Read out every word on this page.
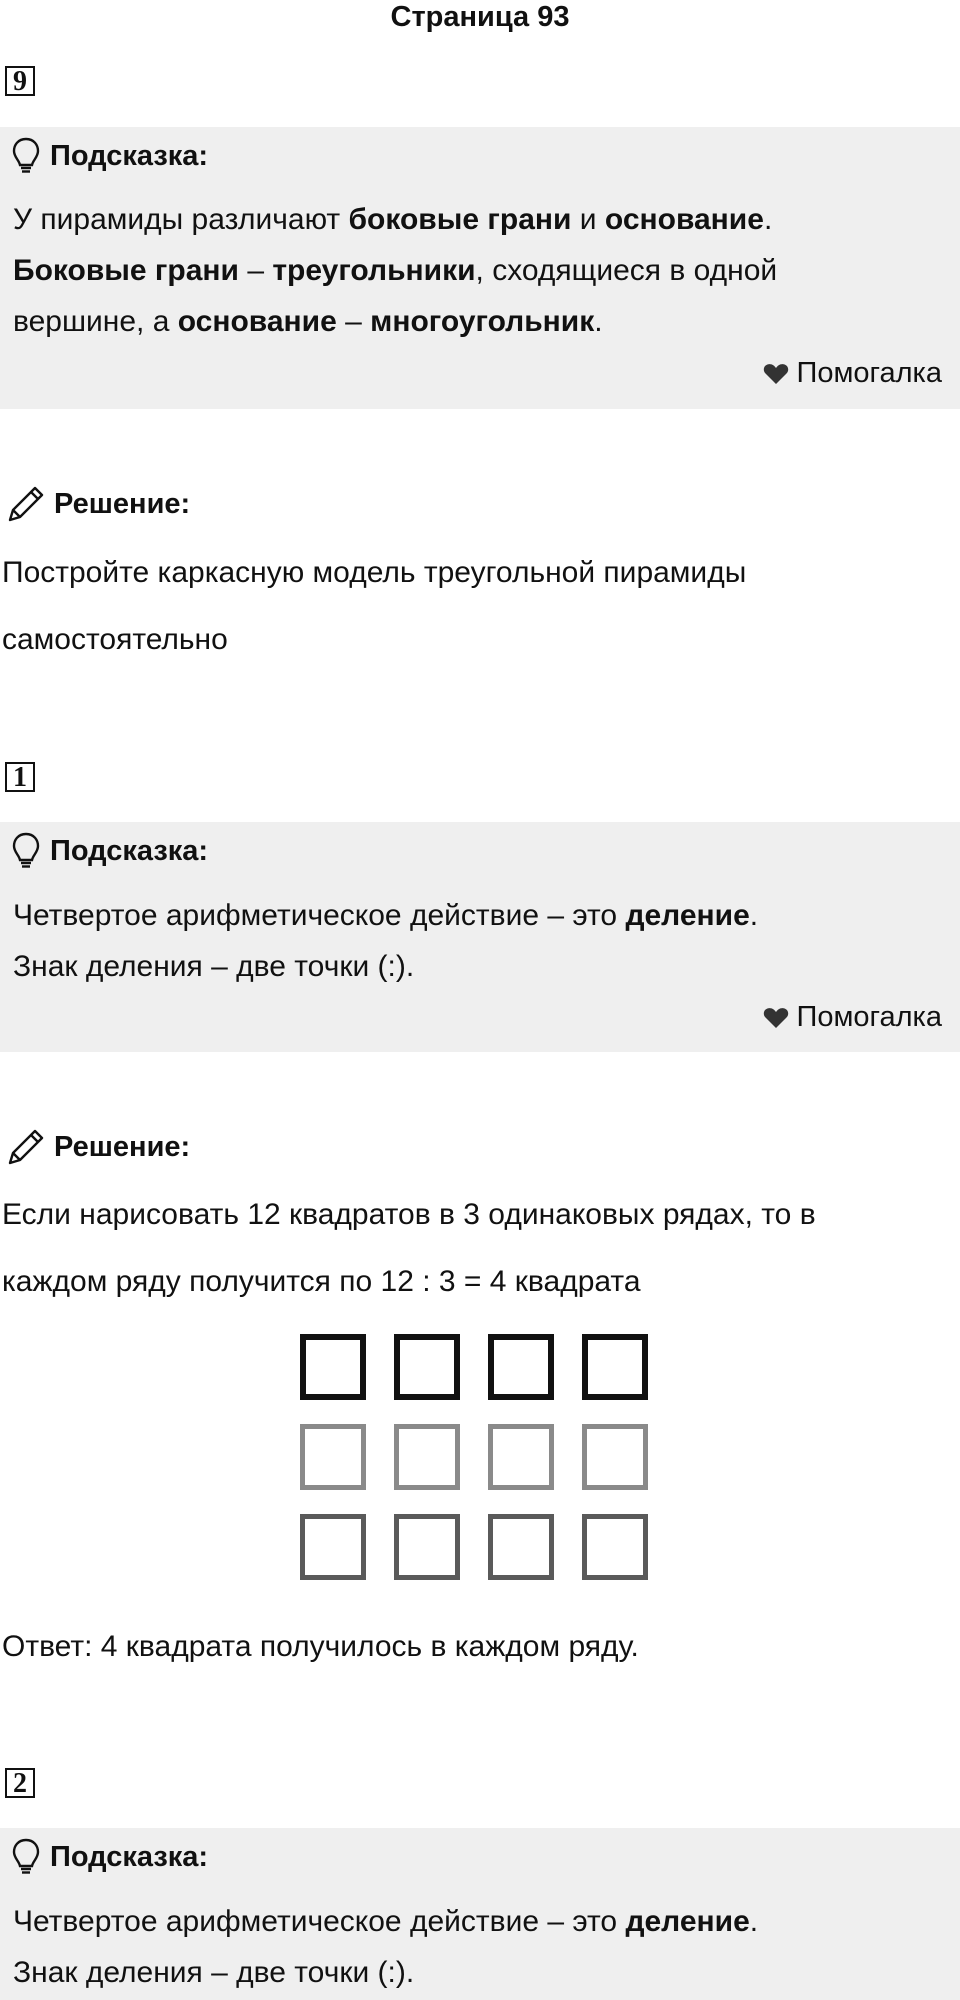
Страница 93
9
Подсказка:
У пирамиды различают боковые грани и основание.
Боковые грани – треугольники, сходящиеся в одной
вершине, а основание – многоугольник.
Помогалка
Решение:
Постройте каркасную модель треугольной пирамиды
самостоятельно
1
Подсказка:
Четвертое арифметическое действие – это деление.
Знак деления – две точки (:).
Помогалка
Решение:
Если нарисовать 12 квадратов в 3 одинаковых рядах, то в
каждом ряду получится по 12 : 3 = 4 квадрата
Ответ: 4 квадрата получилось в каждом ряду.
2
Подсказка:
Четвертое арифметическое действие – это деление.
Знак деления – две точки (:).
